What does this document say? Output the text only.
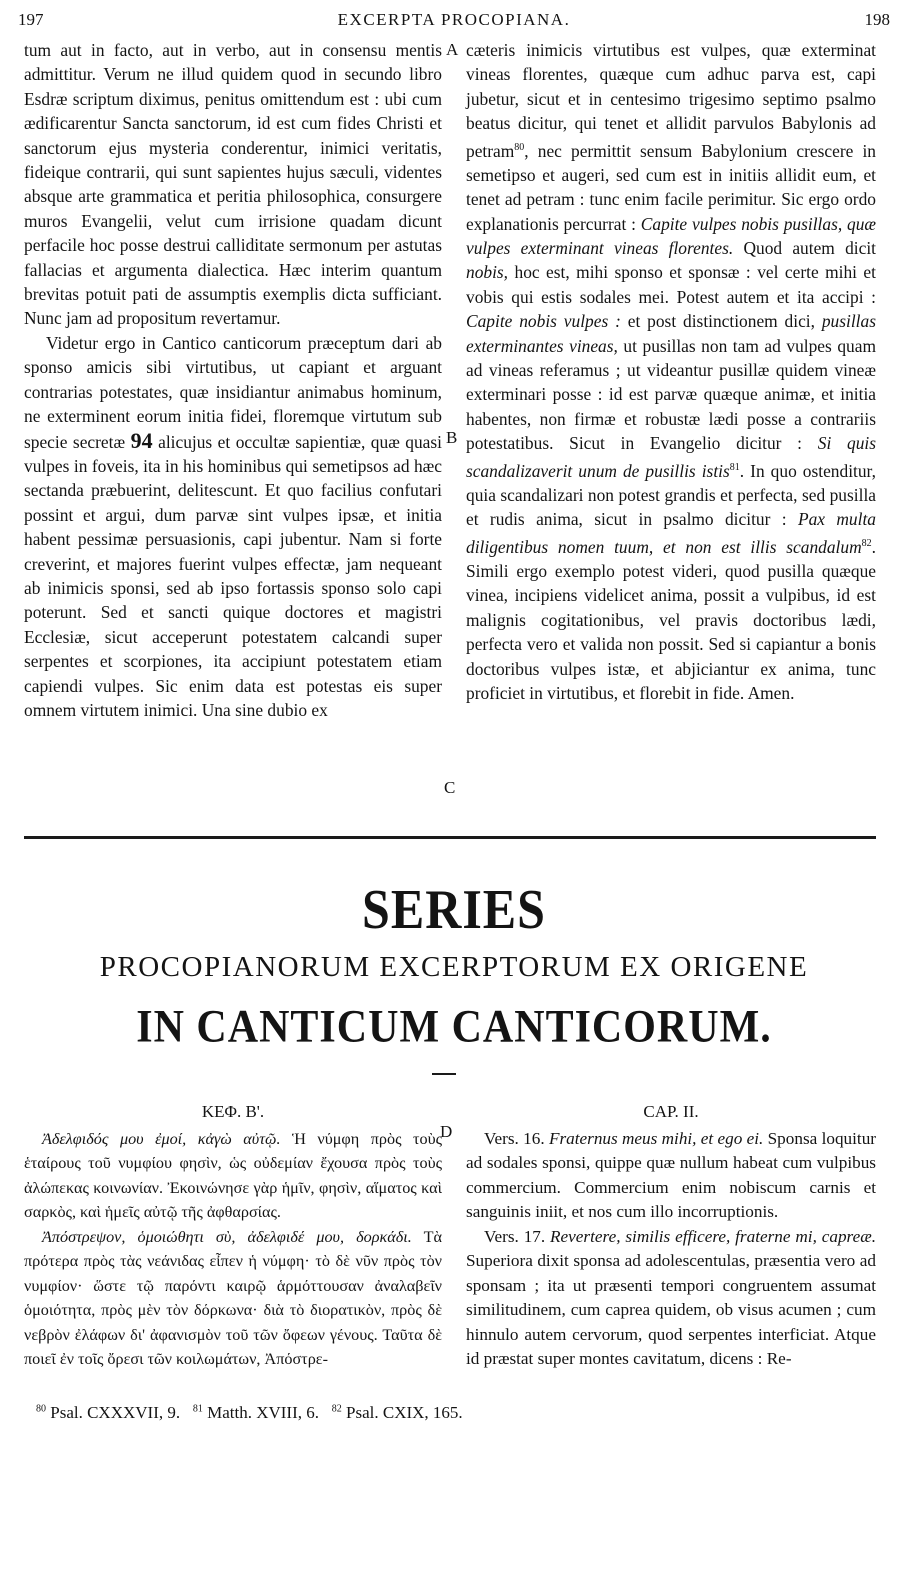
197	EXCERPTA PROCOPIANA.	198

tum aut in facto, aut in verbo, aut in consensu mentis admittitur. Verum ne illud quidem quod in secundo libro Esdræ scriptum diximus, penitus omittendum est : ubi cum ædificarentur Sancta sanctorum, id est cum fides Christi et sanctorum ejus mysteria conderentur, inimici veritatis, fideique contrarii, qui sunt sapientes hujus sæculi, videntes absque arte grammatica et peritia philosophica, consurgere muros Evangelii, velut cum irrisione quadam dicunt perfacile hoc posse destrui calliditate sermonum per astutas fallacias et argumenta dialectica. Hæc interim quantum brevitas potuit pati de assumptis exemplis dicta sufficiant. Nunc jam ad propositum revertamur.

Videtur ergo in Cantico canticorum præceptum dari ab sponso amicis sibi virtutibus, ut capiant et arguant contrarias potestates, quæ insidiantur animabus hominum, ne exterminent eorum initia fidei, floremque virtutum sub specie secretæ 94 alicujus et occultæ sapientiæ, quæ quasi vulpes in foveis, ita in his hominibus qui semetipsos ad hæc sectanda præbuerint, delitescunt. Et quo facilius confutari possint et argui, dum parvæ sint vulpes ipsæ, et initia habent pessimæ persuasionis, capi jubentur. Nam si forte creverint, et majores fuerint vulpes effectæ, jam nequeant ab inimicis sponsi, sed ab ipso fortassis sponso solo capi poterunt. Sed et sancti quique doctores et magistri Ecclesiæ, sicut acceperunt potestatem calcandi super serpentes et scorpiones, ita accipiunt potestatem etiam capiendi vulpes. Sic enim data est potestas eis super omnem virtutem inimici. Una sine dubio ex

A
B
C
D

cæteris inimicis virtutibus est vulpes, quæ exterminat vineas florentes, quæque cum adhuc parva est, capi jubetur, sicut et in centesimo trigesimo septimo psalmo beatus dicitur, qui tenet et allidit parvulos Babylonis ad petram$^{80}$, nec permittit sensum Babylonium crescere in semetipso et augeri, sed cum est in initiis allidit eum, et tenet ad petram : tunc enim facile perimitur. Sic ergo ordo explanationis percurrat : Capite vulpes nobis pusillas, quæ vulpes exterminant vineas florentes. Quod autem dicit nobis, hoc est, mihi sponso et sponsæ : vel certe mihi et vobis qui estis sodales mei. Potest autem et ita accipi : Capite nobis vulpes : et post distinctionem dici, pusillas exterminantes vineas, ut pusillas non tam ad vulpes quam ad vineas referamus ; ut videantur pusillæ quidem vineæ exterminari posse : id est parvæ quæque animæ, et initia habentes, non firmæ et robustæ lædi posse a contrariis potestatibus. Sicut in Evangelio dicitur : Si quis scandalizaverit unum de pusillis istis$^{81}$. In quo ostenditur, quia scandalizari non potest grandis et perfecta, sed pusilla et rudis anima, sicut in psalmo dicitur : Pax multa diligentibus nomen tuum, et non est illis scandalum$^{82}$. Simili ergo exemplo potest videri, quod pusilla quæque vinea, incipiens videlicet anima, possit a vulpibus, id est malignis cogitationibus, vel pravis doctoribus lædi, perfecta vero et valida non possit. Sed si capiantur a bonis doctoribus vulpes istæ, et abjiciantur ex anima, tunc proficiet in virtutibus, et florebit in fide. Amen.

SERIES
PROCOPIANORUM EXCERPTORUM EX ORIGENE
IN CANTICUM CANTICORUM.

ΚΕΦ. Β'.

Ἀδελφιδός μου ἐμοί, κἀγὼ αὐτῷ. Ἡ νύμφη πρὸς τοὺς ἑταίρους τοῦ νυμφίου φησὶν, ὡς οὐδεμίαν ἔχουσα πρὸς τοὺς ἀλώπεκας κοινωνίαν. Ἐκοινώνησε γὰρ ἡμῖν, φησὶν, αἵματος καὶ σαρκὸς, καὶ ἡμεῖς αὐτῷ τῆς ἀφθαρσίας.

Ἀπόστρεψον, ὁμοιώθητι σὺ, ἀδελφιδέ μου, δορκάδι. Τὰ πρότερα πρὸς τὰς νεάνιδας εἶπεν ἡ νύμφη· τὸ δὲ νῦν πρὸς τὸν νυμφίον· ὥστε τῷ παρόντι καιρῷ ἁρμόττουσαν ἀναλαβεῖν ὁμοιότητα, πρὸς μὲν τὸν δόρκωνα· διὰ τὸ διορατικὸν, πρὸς δὲ νεβρὸν ἐλάφων δι' ἀφανισμὸν τοῦ τῶν ὄφεων γένους. Ταῦτα δὲ ποιεῖ ἐν τοῖς ὄρεσι τῶν κοιλωμάτων, Ἀπόστρε-

CAP. II.

Vers. 16. Fraternus meus mihi, et ego ei. Sponsa loquitur ad sodales sponsi, quippe quæ nullum habeat cum vulpibus commercium. Commercium enim nobiscum carnis et sanguinis iniit, et nos cum illo incorruptionis.

Vers. 17. Revertere, similis efficere, fraterne mi, capreæ. Superiora dixit sponsa ad adolescentulas, præsentia vero ad sponsam ; ita ut præsenti tempori congruentem assumat similitudinem, cum caprea quidem, ob visus acumen ; cum hinnulo autem cervorum, quod serpentes interficiat. Atque id præstat super montes cavitatum, dicens : Re-

$^{80}$ Psal. CXXXVII, 9. $^{81}$ Matth. XVIII, 6. $^{82}$ Psal. CXIX, 165.
